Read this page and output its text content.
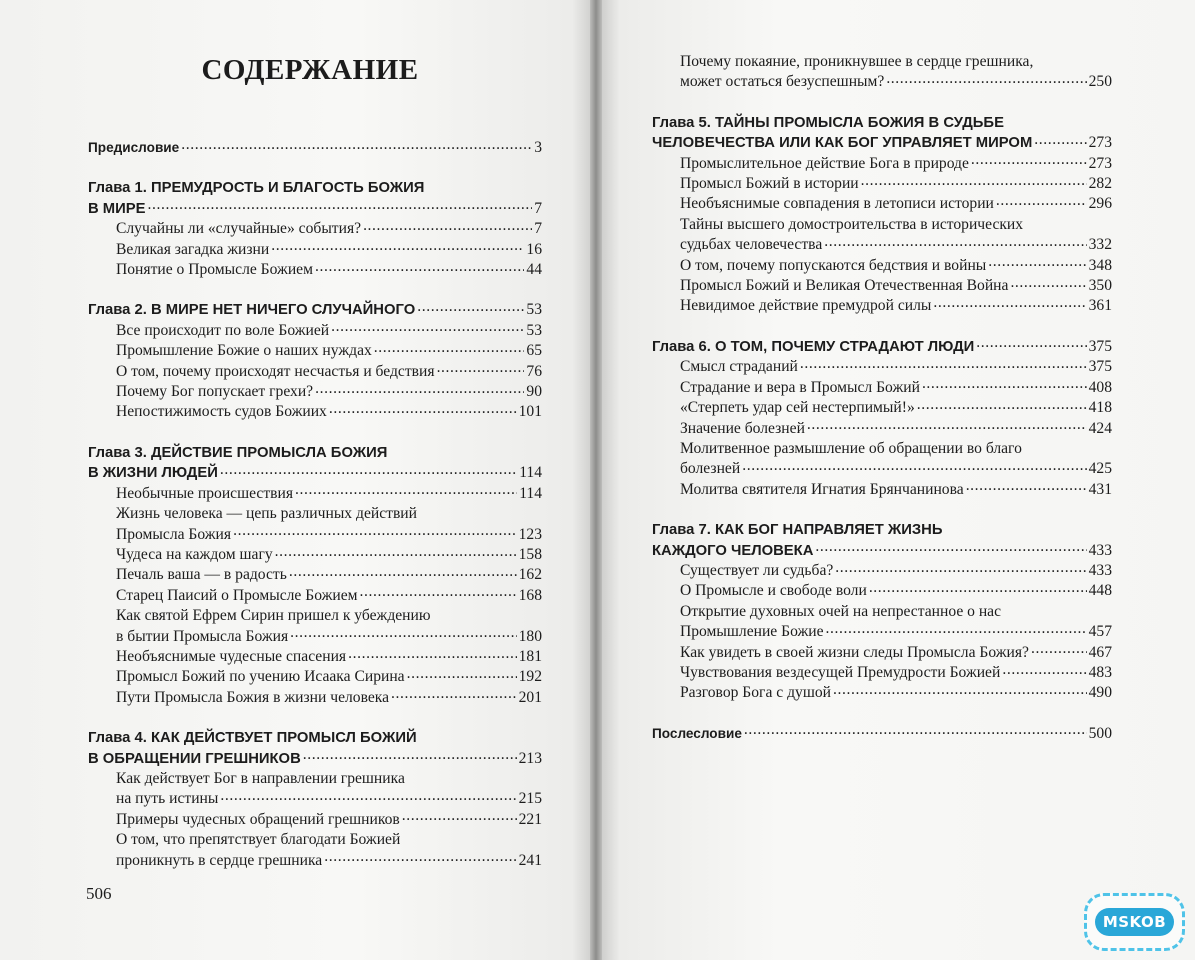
СОДЕРЖАНИЕ
Предисловие .....	3
Глава 1. ПРЕМУДРОСТЬ И БЛАГОСТЬ БОЖИЯ
В МИРЕ .....	7
Случайны ли «случайные» события? .....	7
Великая загадка жизни .....	16
Понятие о Промысле Божием .....	44
Глава 2. В МИРЕ НЕТ НИЧЕГО СЛУЧАЙНОГО .....	53
Все происходит по воле Божией .....	53
Промышление Божие о наших нуждах .....	65
О том, почему происходят несчастья и бедствия .....	76
Почему Бог попускает грехи? .....	90
Непостижимость судов Божиих .....	101
Глава 3. ДЕЙСТВИЕ ПРОМЫСЛА БОЖИЯ
В ЖИЗНИ ЛЮДЕЙ .....	114
Необычные происшествия .....	114
Жизнь человека — цепь различных действий
Промысла Божия .....	123
Чудеса на каждом шагу .....	158
Печаль ваша — в радость .....	162
Старец Паисий о Промысле Божием .....	168
Как святой Ефрем Сирин пришел к убеждению
в бытии Промысла Божия .....	180
Необъяснимые чудесные спасения .....	181
Промысл Божий по учению Исаака Сирина .....	192
Пути Промысла Божия в жизни человека .....	201
Глава 4. КАК ДЕЙСТВУЕТ ПРОМЫСЛ БОЖИЙ
В ОБРАЩЕНИИ ГРЕШНИКОВ .....	213
Как действует Бог в направлении грешника
на путь истины .....	215
Примеры чудесных обращений грешников .....	221
О том, что препятствует благодати Божией
проникнуть в сердце грешника .....	241
Почему покаяние, проникнувшее в сердце грешника,
может остаться безуспешным? .....	250
Глава 5. ТАЙНЫ ПРОМЫСЛА БОЖИЯ В СУДЬБЕ
ЧЕЛОВЕЧЕСТВА ИЛИ КАК БОГ УПРАВЛЯЕТ МИРОМ .....	273
Промыслительное действие Бога в природе .....	273
Промысл Божий в истории .....	282
Необъяснимые совпадения в летописи истории .....	296
Тайны высшего домостроительства в исторических
судьбах человечества .....	332
О том, почему попускаются бедствия и войны .....	348
Промысл Божий и Великая Отечественная Война .....	350
Невидимое действие премудрой силы .....	361
Глава 6. О ТОМ, ПОЧЕМУ СТРАДАЮТ ЛЮДИ .....	375
Смысл страданий .....	375
Страдание и вера в Промысл Божий .....	408
«Стерпеть удар сей нестерпимый!» .....	418
Значение болезней .....	424
Молитвенное размышление об обращении во благо
болезней .....	425
Молитва святителя Игнатия Брянчанинова .....	431
Глава 7. КАК БОГ НАПРАВЛЯЕТ ЖИЗНЬ
КАЖДОГО ЧЕЛОВЕКА .....	433
Существует ли судьба? .....	433
О Промысле и свободе воли .....	448
Открытие духовных очей на непрестанное о нас
Промышление Божие .....	457
Как увидеть в своей жизни следы Промысла Божия? .....	467
Чувствования вездесущей Премудрости Божией .....	483
Разговор Бога с душой .....	490
Послесловие .....	500
506
MSKOB
